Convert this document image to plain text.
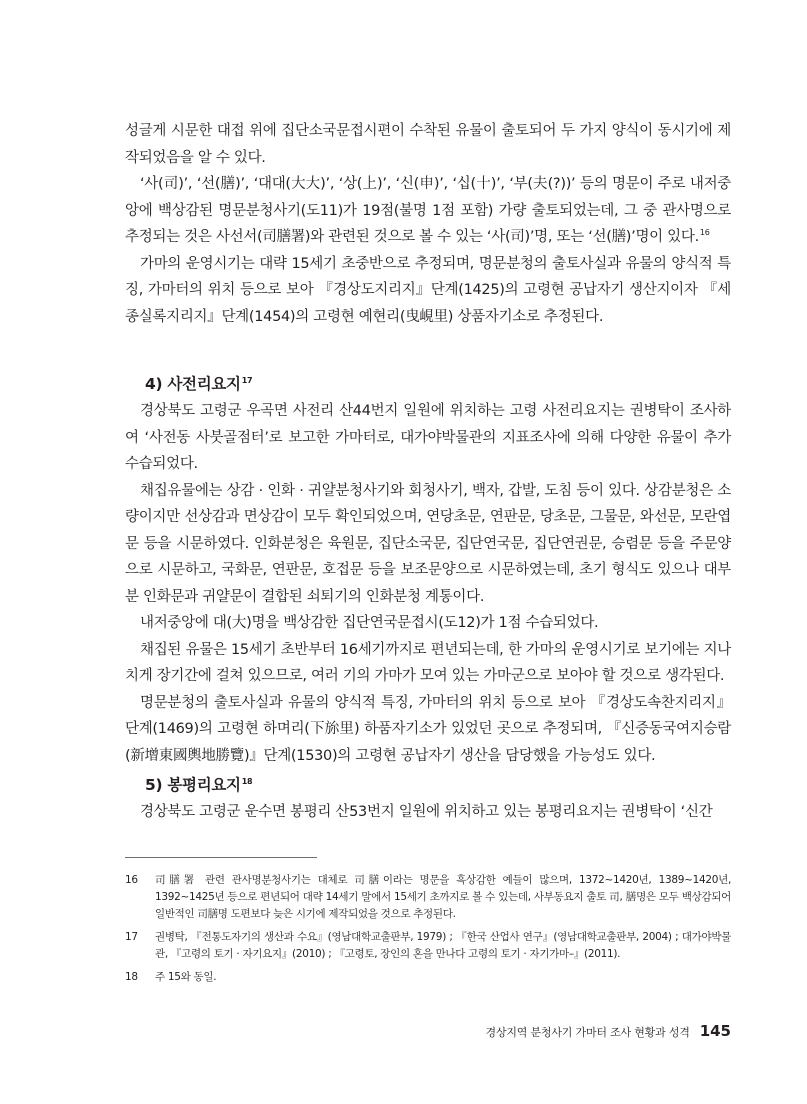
성글게 시문한 대접 위에 집단소국문접시편이 수착된 유물이 출토되어 두 가지 양식이 동시기에 제작되었음을 알 수 있다.

‘사(司)’, ‘선(膳)’, ‘대대(大大)’, ‘상(上)’, ‘신(申)’, ‘십(十)’, ‘부(夫(?))’ 등의 명문이 주로 내저중앙에 백상감된 명문분청사기(도11)가 19점(불명 1점 포함) 가량 출토되었는데, 그 중 관사명으로 추정되는 것은 사선서(司膳署)와 관련된 것으로 볼 수 있는 ‘사(司)’명, 또는 ‘선(膳)’명이 있다.$^{16}$

가마의 운영시기는 대략 15세기 초중반으로 추정되며, 명문분청의 출토사실과 유물의 양식적 특징, 가마터의 위치 등으로 보아 『경상도지리지』단계(1425)의 고령현 공납자기 생산지이자 『세종실록지리지』단계(1454)의 고령현 예현리(曳峴里) 상품자기소로 추정된다.

4) 사전리요지$^{17}$

경상북도 고령군 우곡면 사전리 산44번지 일원에 위치하는 고령 사전리요지는 권병탁이 조사하여 ‘사전동 사붓골점터’로 보고한 가마터로, 대가야박물관의 지표조사에 의해 다양한 유물이 추가 수습되었다.

채집유물에는 상감 · 인화 · 귀얄분청사기와 회청사기, 백자, 갑발, 도침 등이 있다. 상감분청은 소량이지만 선상감과 면상감이 모두 확인되었으며, 연당초문, 연판문, 당초문, 그물문, 와선문, 모란엽문 등을 시문하였다. 인화분청은 육원문, 집단소국문, 집단연국문, 집단연권문, 승렴문 등을 주문양으로 시문하고, 국화문, 연판문, 호접문 등을 보조문양으로 시문하였는데, 초기 형식도 있으나 대부분 인화문과 귀얄문이 결합된 쇠퇴기의 인화분청 계통이다.

내저중앙에 대(大)명을 백상감한 집단연국문접시(도12)가 1점 수습되었다.

채집된 유물은 15세기 초반부터 16세기까지로 편년되는데, 한 가마의 운영시기로 보기에는 지나치게 장기간에 걸쳐 있으므로, 여러 기의 가마가 모여 있는 가마군으로 보아야 할 것으로 생각된다.

명문분청의 출토사실과 유물의 양식적 특징, 가마터의 위치 등으로 보아 『경상도속찬지리지』단계(1469)의 고령현 하며리(下旀里) 하품자기소가 있었던 곳으로 추정되며, 『신증동국여지승람(新增東國輿地勝覽)』단계(1530)의 고령현 공납자기 생산을 담당했을 가능성도 있다.

5) 봉평리요지$^{18}$

경상북도 고령군 운수면 봉평리 산53번지 일원에 위치하고 있는 봉평리요지는 권병탁이 ‘신간

16	司膳署 관련 관사명분청사기는 대체로 司膳이라는 명문을 흑상감한 예들이 많으며, 1372~1420년, 1389~1420년, 1392~1425년 등으로 편년되어 대략 14세기 말에서 15세기 초까지로 볼 수 있는데, 사부동요지 출토 司, 膳명은 모두 백상감되어 일반적인 司膳명 도편보다 늦은 시기에 제작되었을 것으로 추정된다.
17	권병탁, 『전통도자기의 생산과 수요』(영남대학교출판부, 1979) ; 『한국 산업사 연구』(영남대학교출판부, 2004) ; 대가야박물관, 『고령의 토기 · 자기요지』(2010) ; 『고령토, 장인의 혼을 만나다 고령의 토기 · 자기가마–』(2011).
18	주 15와 동일.
경상지역 분청사기 가마터 조사 현황과 성격 145
